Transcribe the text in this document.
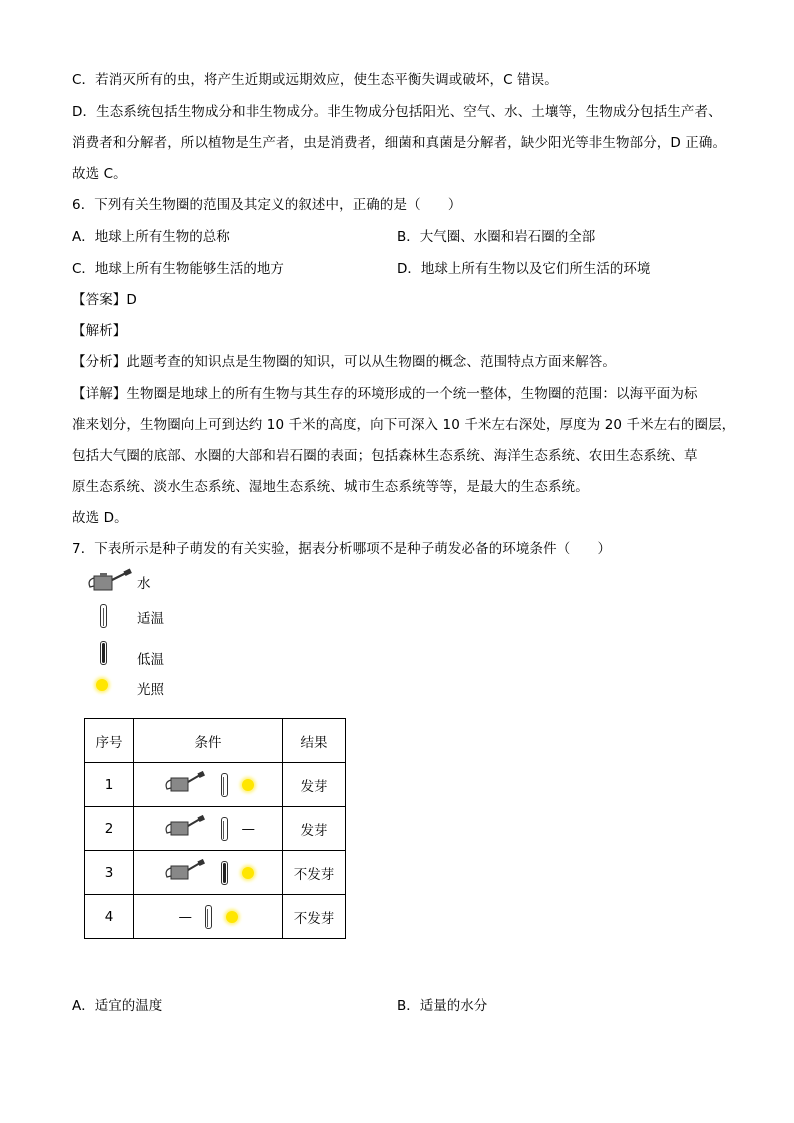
C．若消灭所有的虫，将产生近期或远期效应，使生态平衡失调或破坏，C 错误。
D．生态系统包括生物成分和非生物成分。非生物成分包括阳光、空气、水、土壤等，生物成分包括生产者、
消费者和分解者，所以植物是生产者，虫是消费者，细菌和真菌是分解者，缺少阳光等非生物部分，D 正确。
故选 C。
6．下列有关生物圈的范围及其定义的叙述中，正确的是（　　）
A．地球上所有生物的总称	B．大气圈、水圈和岩石圈的全部
C．地球上所有生物能够生活的地方	D．地球上所有生物以及它们所生活的环境
【答案】D
【解析】
【分析】此题考查的知识点是生物圈的知识，可以从生物圈的概念、范围特点方面来解答。
【详解】生物圈是地球上的所有生物与其生存的环境形成的一个统一整体，生物圈的范围：以海平面为标
准来划分，生物圈向上可到达约 10 千米的高度，向下可深入 10 千米左右深处，厚度为 20 千米左右的圈层，
包括大气圈的底部、水圈的大部和岩石圈的表面；包括森林生态系统、海洋生态系统、农田生态系统、草
原生态系统、淡水生态系统、湿地生态系统、城市生态系统等等，是最大的生态系统。
故选 D。
7．下表所示是种子萌发的有关实验，据表分析哪项不是种子萌发必备的环境条件（　　）
水
适温
低温
光照
序号	条件	结果
1		发芽
2	—	发芽
3		不发芽
4	—	不发芽
A．适宜的温度	B．适量的水分
